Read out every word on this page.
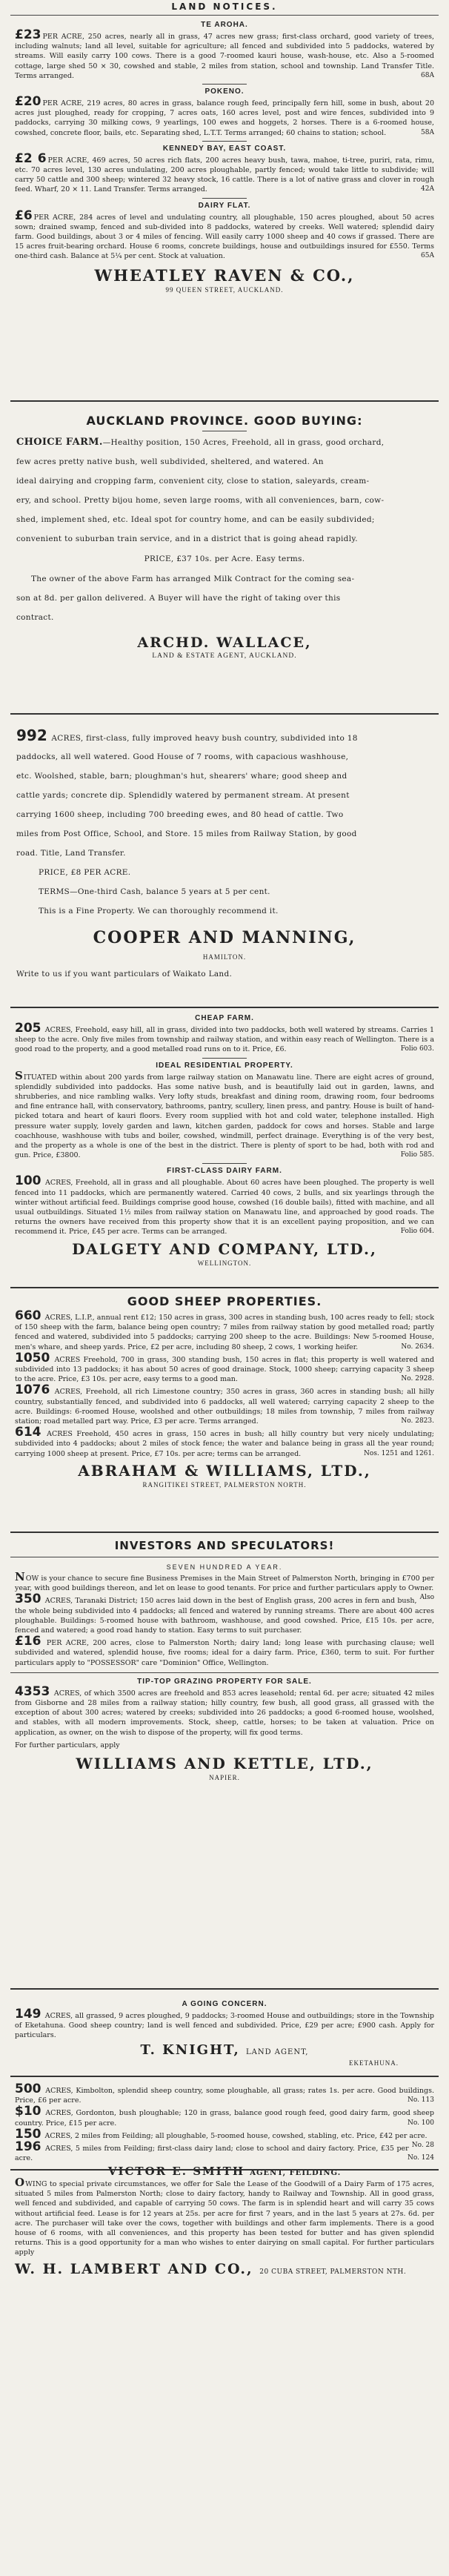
LAND NOTICES.
TE AROHA.
£23 PER ACRE, 250 acres, nearly all in grass, 47 acres new grass; first-class orchard, good variety of trees, including walnuts; land all level, suitable for agriculture; all fenced and subdivided into 5 paddocks, watered by streams. Will easily carry 100 cows. There is a good 7-roomed kauri house, wash-house, etc. Also a 5-roomed cottage, large shed 50 × 30, cowshed and stable, 2 miles from station, school and township. Land Transfer Title. Terms arranged.	68A
POKENO.
£20 PER ACRE, 219 acres, 80 acres in grass, balance rough feed, principally fern hill, some in bush, about 20 acres just ploughed, ready for cropping, 7 acres oats, 160 acres level, post and wire fences, subdivided into 9 paddocks, carrying 30 milking cows, 9 yearlings, 100 ewes and hoggets, 2 horses. There is a 6-roomed house, cowshed, concrete floor, bails, etc. Separating shed, L.T.T. Terms arranged; 60 chains to station; school.	58A
KENNEDY BAY, EAST COAST.
£2 6 PER ACRE, 469 acres, 50 acres rich flats, 200 acres heavy bush, tawa, mahoe, ti-tree, puriri, rata, rimu, etc. 70 acres level, 130 acres undulating, 200 acres ploughable, partly fenced; would take little to subdivide; will carry 50 cattle and 300 sheep; wintered 32 heavy stock, 16 cattle. There is a lot of native grass and clover in rough feed. Wharf, 20 × 11. Land Transfer. Terms arranged.	42A
DAIRY FLAT.
£6 PER ACRE, 284 acres of level and undulating country, all ploughable, 150 acres ploughed, about 50 acres sown; drained swamp, fenced and sub-divided into 8 paddocks, watered by creeks. Well watered; splendid dairy farm. Good buildings, about 3 or 4 miles of fencing. Will easily carry 1000 sheep and 40 cows if grassed. There are 15 acres fruit-bearing orchard. House 6 rooms, concrete buildings, house and outbuildings insured for £550. Terms one-third cash. Balance at 5¼ per cent. Stock at valuation.	65A
WHEATLEY RAVEN & CO.,
99 QUEEN STREET, AUCKLAND.
AUCKLAND PROVINCE. GOOD BUYING:
CHOICE FARM.—Healthy position, 150 Acres, Freehold, all in grass, good orchard,
few acres pretty native bush, well subdivided, sheltered, and watered. An
ideal dairying and cropping farm, convenient city, close to station, saleyards, cream-
ery, and school. Pretty bijou home, seven large rooms, with all conveniences, barn, cow-
shed, implement shed, etc. Ideal spot for country home, and can be easily subdivided;
convenient to suburban train service, and in a district that is going ahead rapidly.
PRICE, £37 10s. per Acre. Easy terms.
The owner of the above Farm has arranged Milk Contract for the coming sea-
son at 8d. per gallon delivered. A Buyer will have the right of taking over this
contract.
ARCHD. WALLACE,
LAND & ESTATE AGENT, AUCKLAND.
992 ACRES, first-class, fully improved heavy bush country, subdivided into 18
paddocks, all well watered. Good House of 7 rooms, with capacious washhouse,
etc. Woolshed, stable, barn; ploughman's hut, shearers' whare; good sheep and
cattle yards; concrete dip. Splendidly watered by permanent stream. At present
carrying 1600 sheep, including 700 breeding ewes, and 80 head of cattle. Two
miles from Post Office, School, and Store. 15 miles from Railway Station, by good
road. Title, Land Transfer.
PRICE, £8 PER ACRE.
TERMS—One-third Cash, balance 5 years at 5 per cent.
This is a Fine Property. We can thoroughly recommend it.
COOPER AND MANNING,
HAMILTON.
Write to us if you want particulars of Waikato Land.
CHEAP FARM.
205 ACRES, Freehold, easy hill, all in grass, divided into two paddocks, both well watered by streams. Carries 1 sheep to the acre. Only five miles from township and railway station, and within easy reach of Wellington. There is a good road to the property, and a good metalled road runs on to it. Price, £6.	Folio 603.
IDEAL RESIDENTIAL PROPERTY.
SITUATED within about 200 yards from large railway station on Manawatu line. There are eight acres of ground, splendidly subdivided into paddocks. Has some native bush, and is beautifully laid out in garden, lawns, and shrubberies, and nice rambling walks. Very lofty studs, breakfast and dining room, drawing room, four bedrooms and fine entrance hall, with conservatory, bathrooms, pantry, scullery, linen press, and pantry. House is built of hand-picked totara and heart of kauri floors. Every room supplied with hot and cold water, telephone installed. High pressure water supply, lovely garden and lawn, kitchen garden, paddock for cows and horses. Stable and large coachhouse, washhouse with tubs and boiler, cowshed, windmill, perfect drainage. Everything is of the very best, and the property as a whole is one of the best in the district. There is plenty of sport to be had, both with rod and gun. Price, £3800.	Folio 585.
FIRST-CLASS DAIRY FARM.
100 ACRES, Freehold, all in grass and all ploughable. About 60 acres have been ploughed. The property is well fenced into 11 paddocks, which are permanently watered. Carried 40 cows, 2 bulls, and six yearlings through the winter without artificial feed. Buildings comprise good house, cowshed (16 double bails), fitted with machine, and all usual outbuildings. Situated 1½ miles from railway station on Manawatu line, and approached by good roads. The returns the owners have received from this property show that it is an excellent paying proposition, and we can recommend it. Price, £45 per acre. Terms can be arranged.	Folio 604.
DALGETY AND COMPANY, LTD.,
WELLINGTON.
GOOD SHEEP PROPERTIES.
660 ACRES, L.I.P., annual rent £12; 150 acres in grass, 300 acres in standing bush, 100 acres ready to fell; stock of 150 sheep with the farm, balance being open country; 7 miles from railway station by good metalled road; partly fenced and watered, subdivided into 5 paddocks; carrying 200 sheep to the acre. Buildings: New 5-roomed House, men's whare, and sheep yards. Price, £2 per acre, including 80 sheep, 2 cows, 1 working heifer.	No. 2634.
1050 ACRES Freehold, 700 in grass, 300 standing bush, 150 acres in flat; this property is well watered and subdivided into 13 paddocks; it has about 50 acres of good drainage. Stock, 1000 sheep; carrying capacity 3 sheep to the acre. Price, £3 10s. per acre, easy terms to a good man.	No. 2928.
1076 ACRES, Freehold, all rich Limestone country; 350 acres in grass, 360 acres in standing bush; all hilly country, substantially fenced, and subdivided into 6 paddocks, all well watered; carrying capacity 2 sheep to the acre. Buildings: 6-roomed House, woolshed and other outbuildings; 18 miles from township, 7 miles from railway station; road metalled part way. Price, £3 per acre. Terms arranged.	No. 2823.
614 ACRES Freehold, 450 acres in grass, 150 acres in bush; all hilly country but very nicely undulating; subdivided into 4 paddocks; about 2 miles of stock fence; the water and balance being in grass all the year round; carrying 1000 sheep at present. Price, £7 10s. per acre; terms can be arranged.	Nos. 1251 and 1261.
ABRAHAM & WILLIAMS, LTD.,
RANGITIKEI STREET, PALMERSTON NORTH.
INVESTORS AND SPECULATORS!
SEVEN HUNDRED A YEAR.
NOW is your chance to secure fine Business Premises in the Main Street of Palmerston North, bringing in £700 per year, with good buildings thereon, and let on lease to good tenants. For price and further particulars apply to Owner.
Also
350 ACRES, Taranaki District; 150 acres laid down in the best of English grass, 200 acres in fern and bush, the whole being subdivided into 4 paddocks; all fenced and watered by running streams. There are about 400 acres ploughable. Buildings: 5-roomed house with bathroom, washhouse, and good cowshed. Price, £15 10s. per acre, fenced and watered; a good road handy to station. Easy terms to suit purchaser.
£16 PER ACRE, 200 acres, close to Palmerston North; dairy land; long lease with purchasing clause; well subdivided and watered, splendid house, five rooms; ideal for a dairy farm. Price, £360, term to suit. For further particulars apply to "POSSESSOR" care "Dominion" Office, Wellington.
TIP-TOP GRAZING PROPERTY FOR SALE.
4353 ACRES, of which 3500 acres are freehold and 853 acres leasehold; rental 6d. per acre; situated 42 miles from Gisborne and 28 miles from a railway station; hilly country, few bush, all good grass, all grassed with the exception of about 300 acres; watered by creeks; subdivided into 26 paddocks; a good 6-roomed house, woolshed, and stables, with all modern improvements. Stock, sheep, cattle, horses; to be taken at valuation. Price on application, as owner, on the wish to dispose of the property, will fix good terms.
For further particulars, apply
WILLIAMS AND KETTLE, LTD.,
NAPIER.
A GOING CONCERN.
149 ACRES, all grassed, 9 acres ploughed, 9 paddocks; 3-roomed House and outbuildings; store in the Township of Eketahuna. Good sheep country; land is well fenced and subdivided. Price, £29 per acre; £900 cash. Apply for particulars.
T. KNIGHT, LAND AGENT,
EKETAHUNA.
500 ACRES, Kimbolton, splendid sheep country, some ploughable, all grass; rates 1s. per acre. Good buildings. Price, £6 per acre.	No. 113
$10 ACRES, Gordonton, bush ploughable; 120 in grass, balance good rough feed, good dairy farm, good sheep country. Price, £15 per acre.	No. 100
150 ACRES, 2 miles from Feilding; all ploughable, 5-roomed house, cowshed, stabling, etc. Price, £42 per acre.
No. 28
196 ACRES, 5 miles from Feilding; first-class dairy land; close to school and dairy factory. Price, £35 per acre.	No. 124
VICTOR E. SMITH AGENT, FEILDING.
OWING to special private circumstances, we offer for Sale the Lease of the Goodwill of a Dairy Farm of 175 acres, situated 5 miles from Palmerston North; close to dairy factory, handy to Railway and Township. All in good grass, well fenced and subdivided, and capable of carrying 50 cows. The farm is in splendid heart and will carry 35 cows without artificial feed. Lease is for 12 years at 25s. per acre for first 7 years, and in the last 5 years at 27s. 6d. per acre. The purchaser will take over the cows, together with buildings and other farm implements. There is a good house of 6 rooms, with all conveniences, and this property has been tested for butter and has given splendid returns. This is a good opportunity for a man who wishes to enter dairying on small capital. For further particulars apply
W. H. LAMBERT AND CO., 20 CUBA STREET, PALMERSTON NTH.
